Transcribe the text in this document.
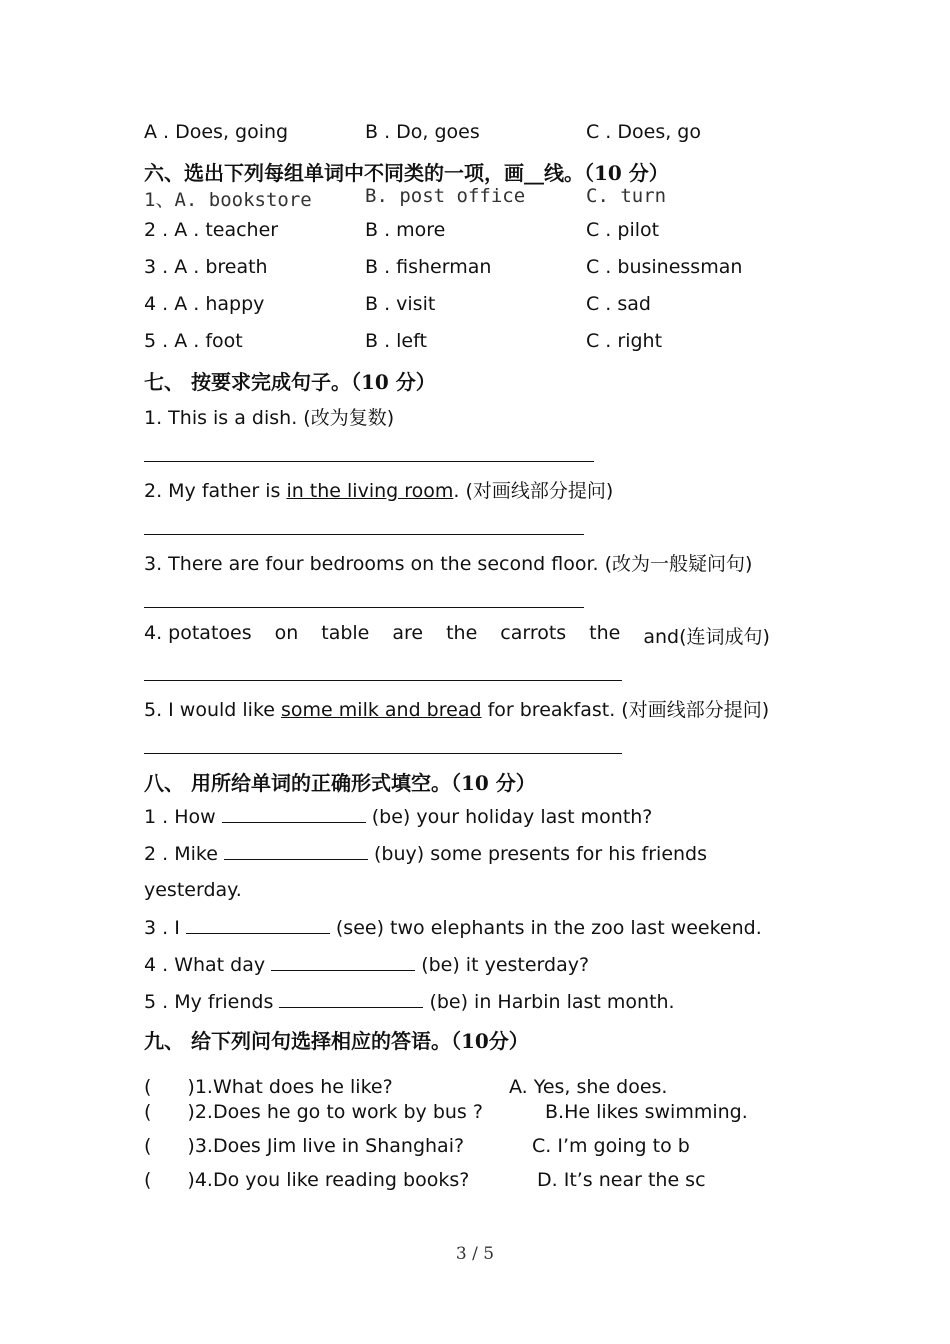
A . Does, going	B . Do, goes	C . Does, go
六、选出下列每组单词中不同类的一项，画__线。（10 分）
1、A. bookstore	B. post office	C. turn
2 . A . teacher	B . more	C . pilot
3 . A . breath	B . fisherman	C . businessman
4 . A . happy	B . visit	C . sad
5 . A . foot	B . left	C . right
七、 按要求完成句子。（10 分）
1. This is a dish. (改为复数)
2. My father is in the living room. (对画线部分提问)
3. There are four bedrooms on the second floor. (改为一般疑问句)
4. potatoes on table are the carrots the and(连词成句)
5. I would like some milk and bread for breakfast. (对画线部分提问)
八、 用所给单词的正确形式填空。（10 分）
1 . How	(be) your holiday last month?
2 . Mike	(buy) some presents for his friends
yesterday.
3 . I	(see) two elephants in the zoo last weekend.
4 . What day	(be) it yesterday?
5 . My friends	(be) in Harbin last month.
九、 给下列问句选择相应的答语。（10分）
( )1.What does he like?	A. Yes, she does.
( )2.Does he go to work by bus ?	B.He likes swimming.
( )3.Does Jim live in Shanghai?	C. I’m going to b
( )4.Do you like reading books?	D. It’s near the sc
3 / 5
